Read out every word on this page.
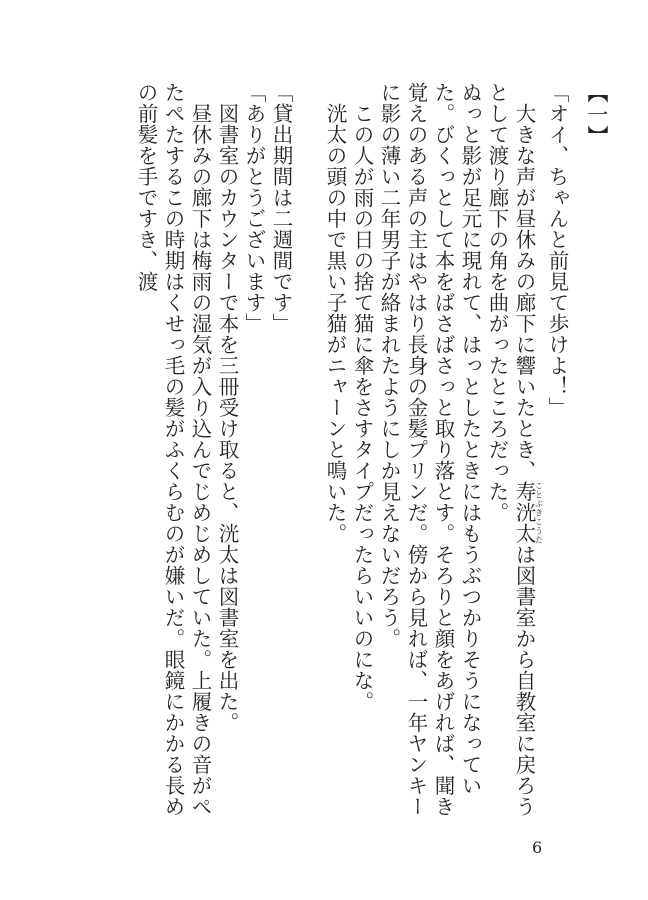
【一】

「オイ、ちゃんと前見て歩けよ！」

大きな声が昼休みの廊下に響いたとき、寿洸太ことぶきこうたは図書室から自教室に戻ろうとして渡り廊下の角を曲がったところだった。

ぬっと影が足元に現れて、はっとしたときにはもうぶつかりそうになっていた。びくっとして本をばさばさっと取り落とす。そろりと顔をあげれば、聞き覚えのある声の主はやはり長身の金髪プリンだ。傍から見れば、一年ヤンキーに影の薄い二年男子が絡まれたようにしか見えないだろう。

この人が雨の日の捨て猫に傘をさすタイプだったらいいのにな。

洸太の頭の中で黒い子猫がニャーンと鳴いた。

「貸出期間は二週間です」

「ありがとうございます」

図書室のカウンターで本を三冊受け取ると、洸太は図書室を出た。

昼休みの廊下は梅雨の湿気が入り込んでじめじめしていた。上履きの音がぺたぺたするこの時期はくせっ毛の髪がふくらむのが嫌いだ。眼鏡にかかる長めの前髪を手ですき、渡

6
